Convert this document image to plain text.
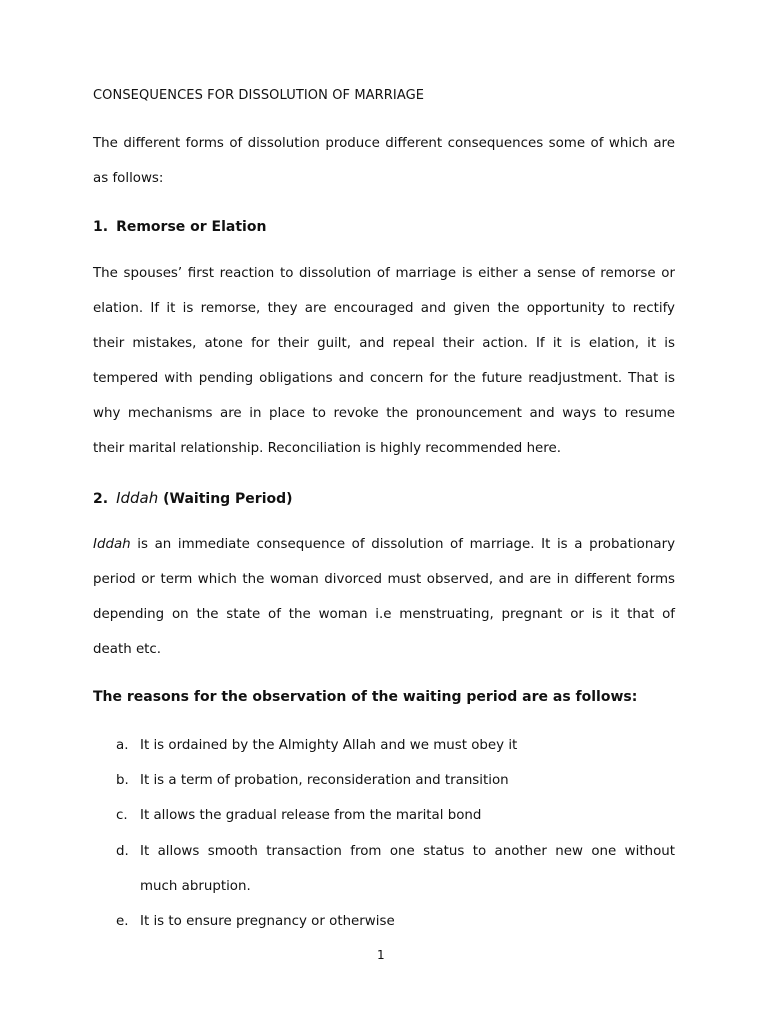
CONSEQUENCES FOR DISSOLUTION OF MARRIAGE

The different forms of dissolution produce different consequences some of which are
as follows:

1. Remorse or Elation

The spouses’ first reaction to dissolution of marriage is either a sense of remorse or
elation. If it is remorse, they are encouraged and given the opportunity to rectify
their mistakes, atone for their guilt, and repeal their action. If it is elation, it is
tempered with pending obligations and concern for the future readjustment. That is
why mechanisms are in place to revoke the pronouncement and ways to resume
their marital relationship. Reconciliation is highly recommended here.

2. Iddah (Waiting Period)

Iddah is an immediate consequence of dissolution of marriage. It is a probationary
period or term which the woman divorced must observed, and are in different forms
depending on the state of the woman i.e menstruating, pregnant or is it that of
death etc.

The reasons for the observation of the waiting period are as follows:

a. It is ordained by the Almighty Allah and we must obey it
b. It is a term of probation, reconsideration and transition
c. It allows the gradual release from the marital bond
d. It allows smooth transaction from one status to another new one without
much abruption.
e. It is to ensure pregnancy or otherwise

1
